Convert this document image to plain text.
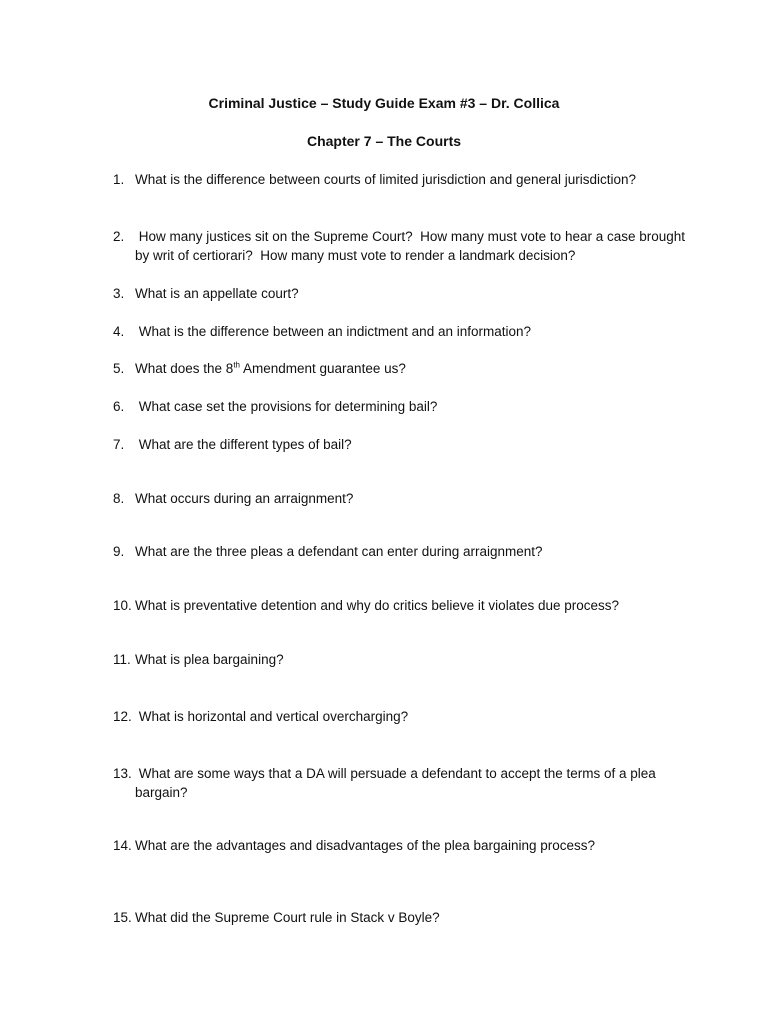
Criminal Justice – Study Guide Exam #3 – Dr. Collica
Chapter 7 – The Courts
1. What is the difference between courts of limited jurisdiction and general jurisdiction?
2. How many justices sit on the Supreme Court?  How many must vote to hear a case brought by writ of certiorari?  How many must vote to render a landmark decision?
3. What is an appellate court?
4. What is the difference between an indictment and an information?
5. What does the 8th Amendment guarantee us?
6. What case set the provisions for determining bail?
7. What are the different types of bail?
8. What occurs during an arraignment?
9. What are the three pleas a defendant can enter during arraignment?
10. What is preventative detention and why do critics believe it violates due process?
11. What is plea bargaining?
12. What is horizontal and vertical overcharging?
13. What are some ways that a DA will persuade a defendant to accept the terms of a plea bargain?
14. What are the advantages and disadvantages of the plea bargaining process?
15. What did the Supreme Court rule in Stack v Boyle?
